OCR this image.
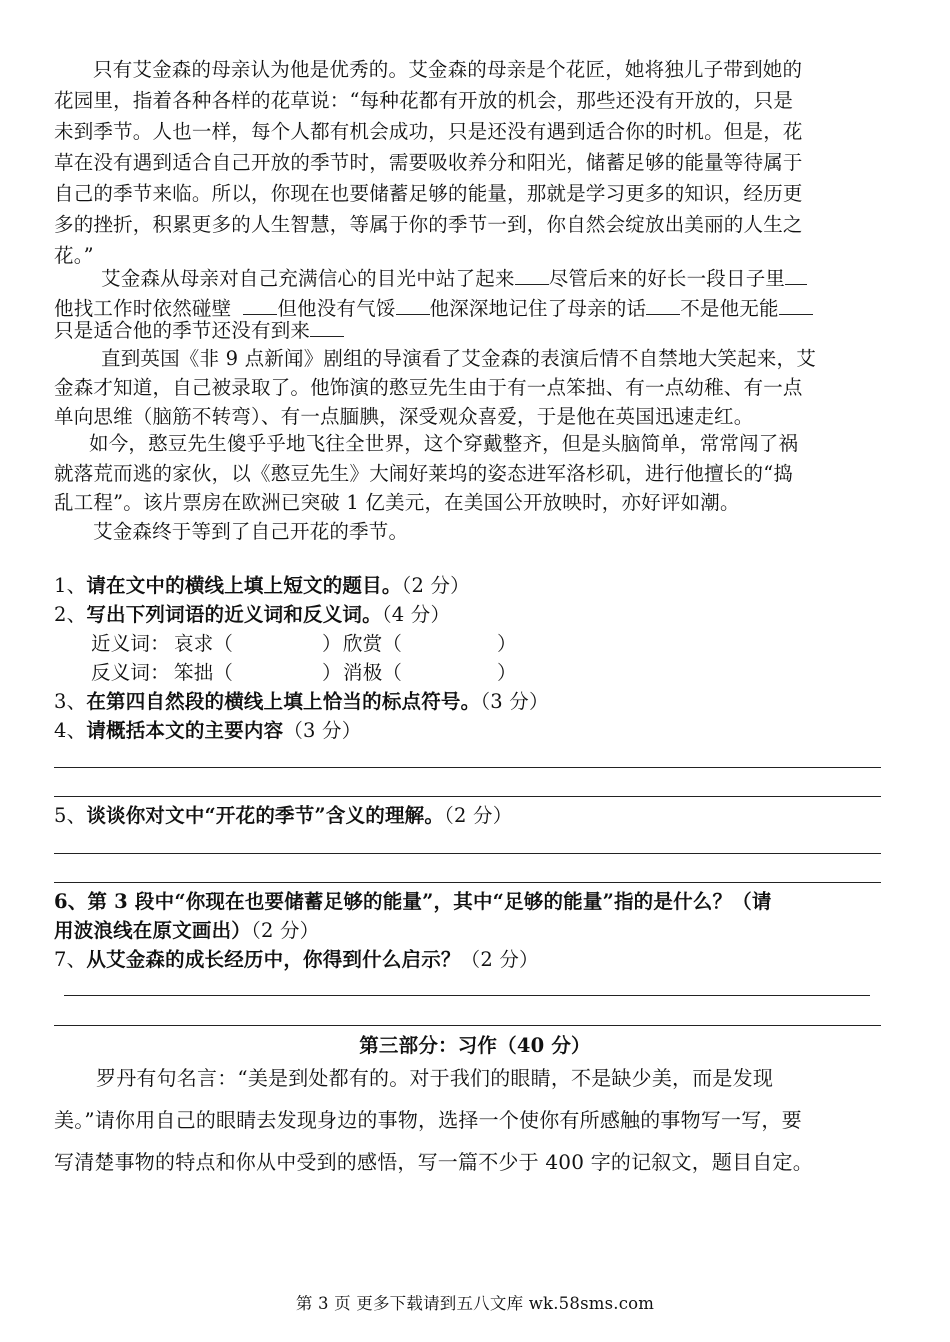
只有艾金森的母亲认为他是优秀的。艾金森的母亲是个花匠，她将独儿子带到她的
花园里，指着各种各样的花草说：“每种花都有开放的机会，那些还没有开放的，只是
未到季节。人也一样，每个人都有机会成功，只是还没有遇到适合你的时机。但是，花
草在没有遇到适合自己开放的季节时，需要吸收养分和阳光，储蓄足够的能量等待属于
自己的季节来临。所以，你现在也要储蓄足够的能量，那就是学习更多的知识，经历更
多的挫折，积累更多的人生智慧，等属于你的季节一到，你自然会绽放出美丽的人生之
花。”
艾金森从母亲对自己充满信心的目光中站了起来 尽管后来的好长一段日子里
他找工作时依然碰壁 但他没有气馁 他深深地记住了母亲的话 不是他无能
只是适合他的季节还没有到来
直到英国《非 9 点新闻》剧组的导演看了艾金森的表演后情不自禁地大笑起来，艾
金森才知道，自己被录取了。他饰演的憨豆先生由于有一点笨拙、有一点幼稚、有一点
单向思维（脑筋不转弯）、有一点腼腆，深受观众喜爱，于是他在英国迅速走红。
如今，憨豆先生傻乎乎地飞往全世界，这个穿戴整齐，但是头脑简单，常常闯了祸
就落荒而逃的家伙，以《憨豆先生》大闹好莱坞的姿态进军洛杉矶，进行他擅长的“捣
乱工程”。该片票房在欧洲已突破 1 亿美元，在美国公开放映时，亦好评如潮。
艾金森终于等到了自己开花的季节。
1、请在文中的横线上填上短文的题目。（2 分）
2、写出下列词语的近义词和反义词。（4 分）
近义词： 哀求（	） 欣赏（	）
反义词： 笨拙（	） 消极（	）
3、在第四自然段的横线上填上恰当的标点符号。（3 分）
4、请概括本文的主要内容（3 分）
5、谈谈你对文中“开花的季节”含义的理解。（2 分）
6、第 3 段中“你现在也要储蓄足够的能量”，其中“足够的能量”指的是什么？（请
用波浪线在原文画出）（2 分）
7、从艾金森的成长经历中，你得到什么启示？（2 分）
第三部分：习作（40 分）
罗丹有句名言：“美是到处都有的。对于我们的眼睛，不是缺少美，而是发现
美。”请你用自己的眼睛去发现身边的事物，选择一个使你有所感触的事物写一写，要
写清楚事物的特点和你从中受到的感悟，写一篇不少于 400 字的记叙文，题目自定。
第 3 页 更多下载请到五八文库 wk.58sms.com
